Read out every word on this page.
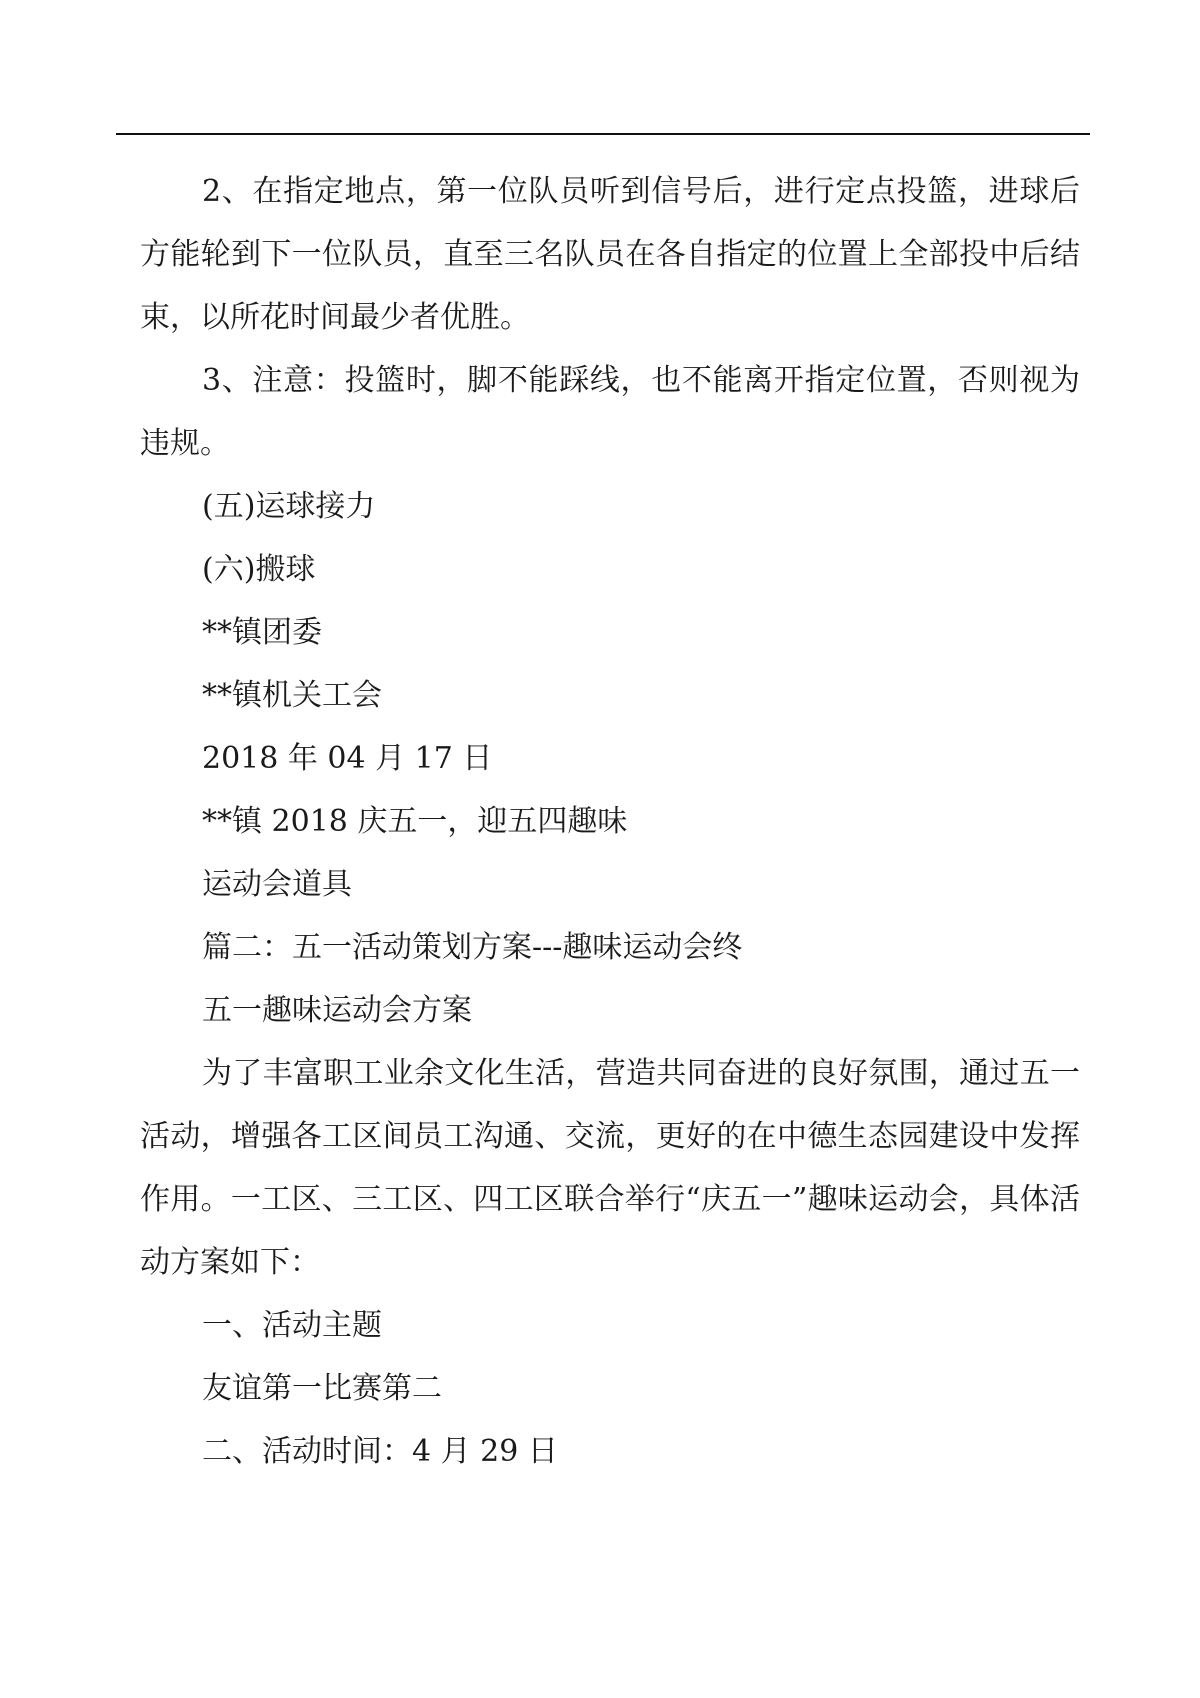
2、在指定地点，第一位队员听到信号后，进行定点投篮，进球后方能轮到下一位队员，直至三名队员在各自指定的位置上全部投中后结束，以所花时间最少者优胜。

3、注意：投篮时，脚不能踩线，也不能离开指定位置，否则视为违规。

(五)运球接力

(六)搬球

**镇团委

**镇机关工会

2018 年 04 月 17 日

**镇 2018 庆五一，迎五四趣味

运动会道具

篇二：五一活动策划方案---趣味运动会终

五一趣味运动会方案

为了丰富职工业余文化生活，营造共同奋进的良好氛围，通过五一活动，增强各工区间员工沟通、交流，更好的在中德生态园建设中发挥作用。一工区、三工区、四工区联合举行“庆五一”趣味运动会，具体活动方案如下：

一、活动主题

友谊第一比赛第二

二、活动时间：4 月 29 日
